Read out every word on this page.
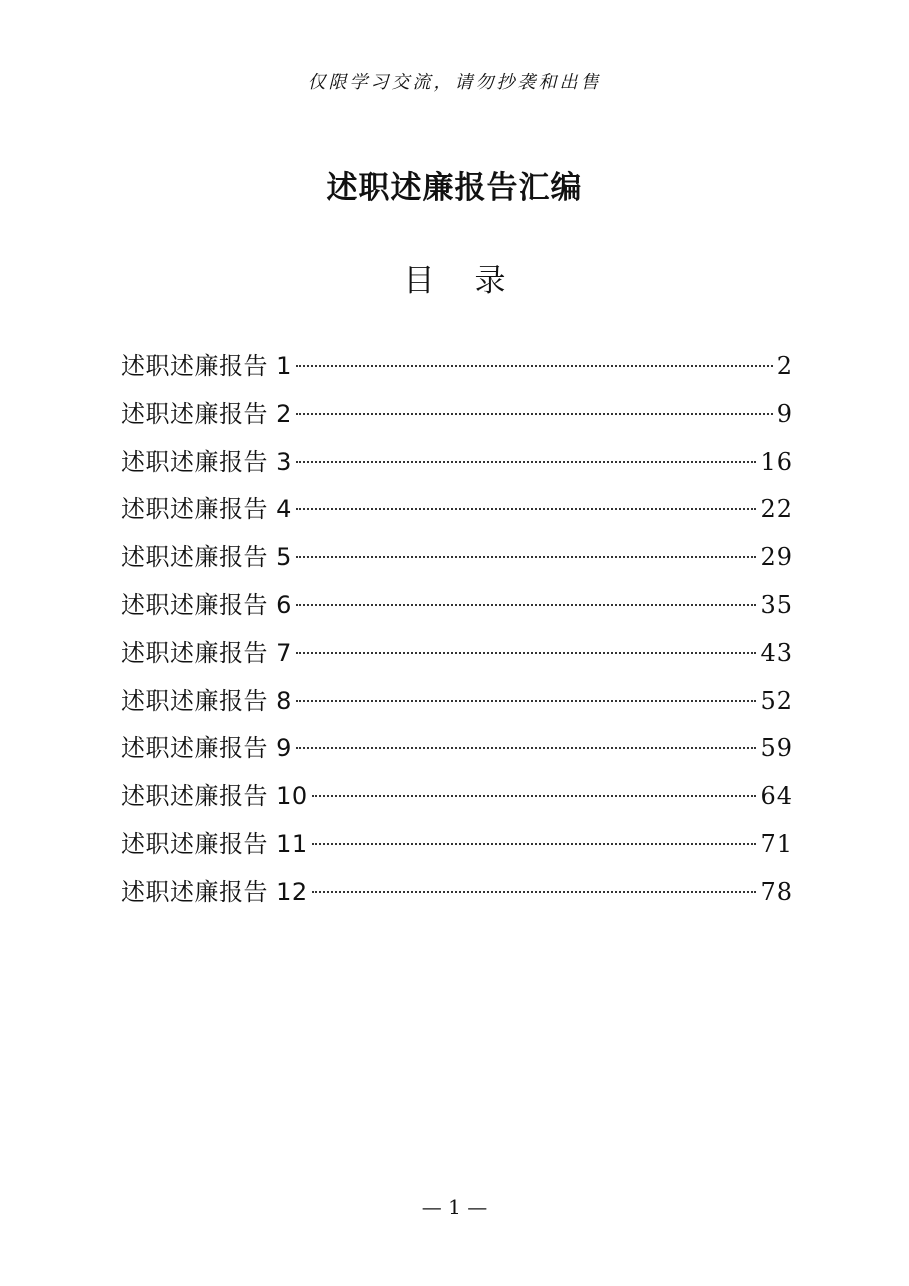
仅限学习交流，请勿抄袭和出售
述职述廉报告汇编
目 录
述职述廉报告 1	2
述职述廉报告 2	9
述职述廉报告 3	16
述职述廉报告 4	22
述职述廉报告 5	29
述职述廉报告 6	35
述职述廉报告 7	43
述职述廉报告 8	52
述职述廉报告 9	59
述职述廉报告 10	64
述职述廉报告 11	71
述职述廉报告 12	78
— 1 —
